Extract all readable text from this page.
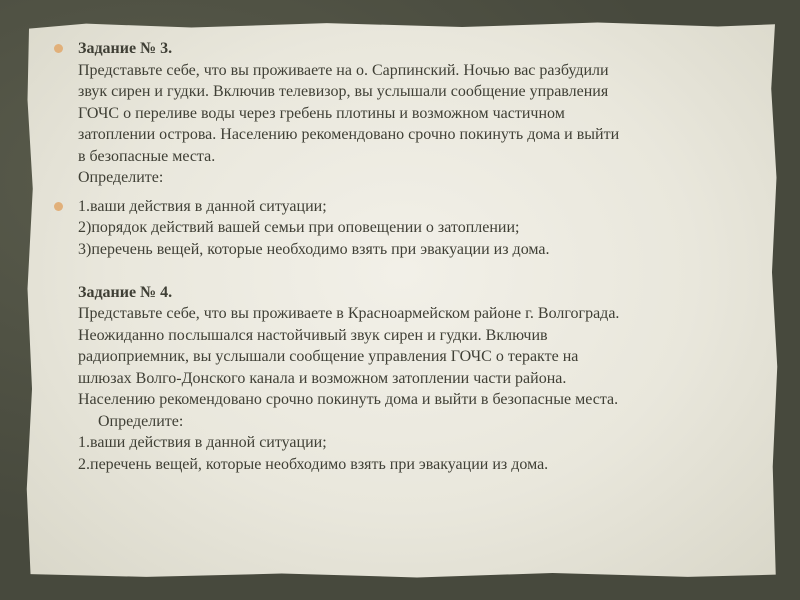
Задание № 3.
Представьте себе, что вы проживаете на о. Сарпинский. Ночью вас разбудили
звук сирен и гудки. Включив телевизор, вы услышали сообщение управления
ГОЧС о переливе воды через гребень плотины и возможном частичном
затоплении острова. Населению рекомендовано срочно покинуть дома и выйти
в безопасные места.
Определите:
1.ваши действия в данной ситуации;
2)порядок действий вашей семьи при оповещении о затоплении;
3)перечень вещей, которые необходимо взять при эвакуации из дома.
Задание № 4.
Представьте себе, что вы проживаете в Красноармейском районе г. Волгограда.
Неожиданно послышался настойчивый звук сирен и гудки. Включив
радиоприемник, вы услышали сообщение управления ГОЧС о теракте на
шлюзах Волго-Донского канала и возможном затоплении части района.
Населению рекомендовано срочно покинуть дома и выйти в безопасные места.
Определите:
1.ваши действия в данной ситуации;
2.перечень вещей, которые необходимо взять при эвакуации из дома.
